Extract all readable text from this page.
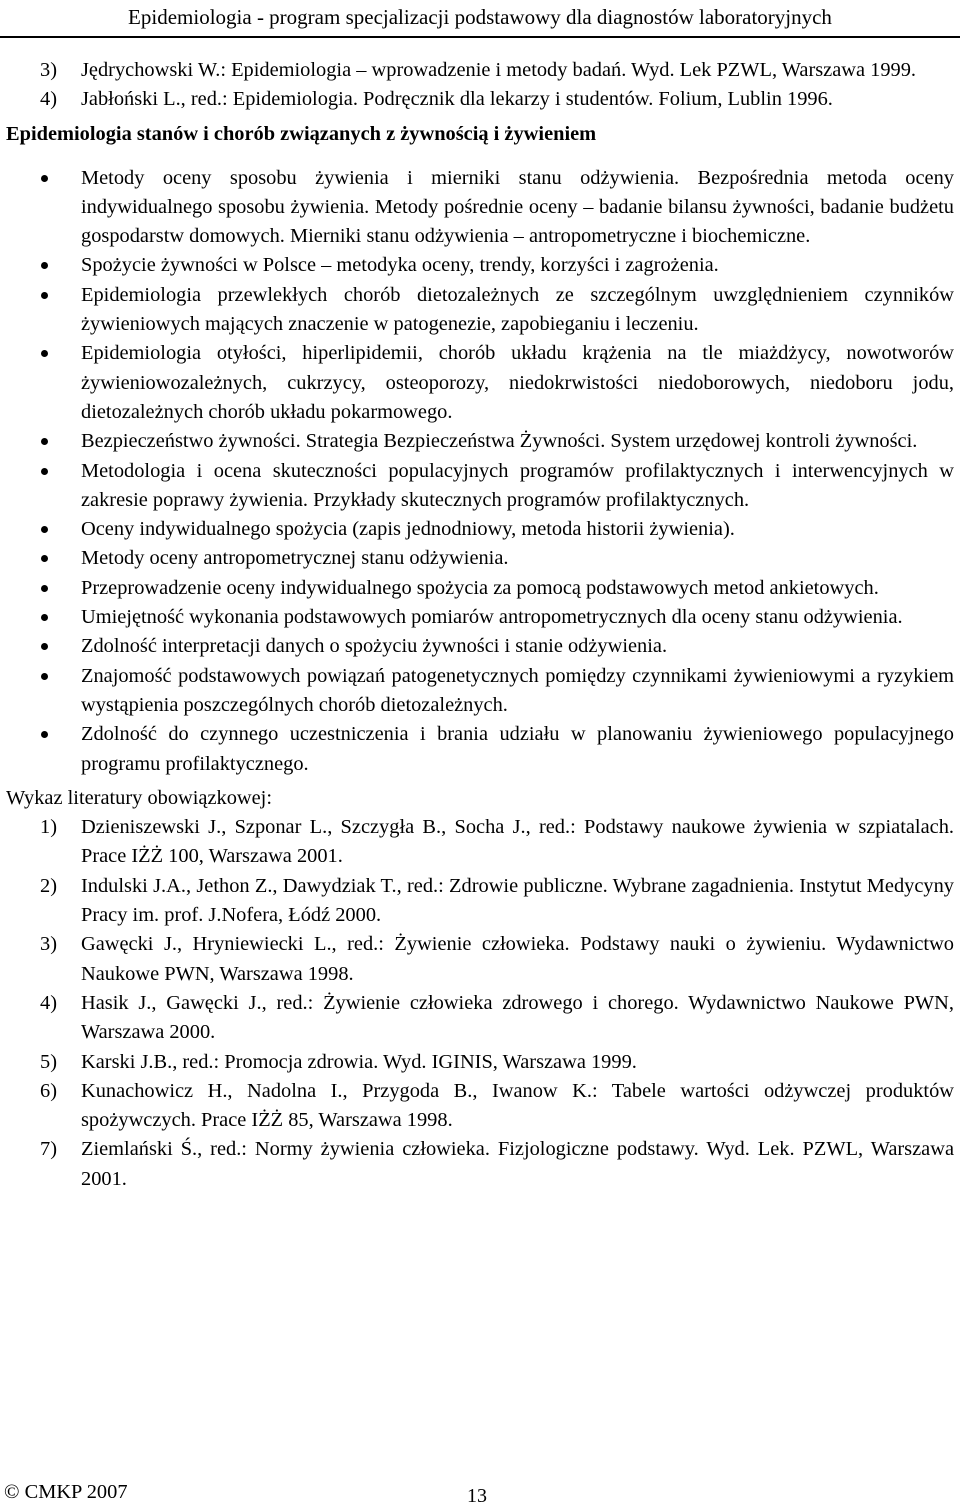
Epidemiologia - program specjalizacji podstawowy dla diagnostów laboratoryjnych
3) Jędrychowski W.: Epidemiologia – wprowadzenie i metody badań. Wyd. Lek PZWL, Warszawa 1999.

4) Jabłoński L., red.: Epidemiologia. Podręcznik dla lekarzy i studentów. Folium, Lublin 1996.

Epidemiologia stanów i chorób związanych z żywnością i żywieniem

Metody oceny sposobu żywienia i mierniki stanu odżywienia. Bezpośrednia metoda oceny indywidualnego sposobu żywienia. Metody pośrednie oceny – badanie bilansu żywności, badanie budżetu gospodarstw domowych. Mierniki stanu odżywienia – antropometryczne i biochemiczne.

Spożycie żywności w Polsce – metodyka oceny, trendy, korzyści i zagrożenia.

Epidemiologia przewlekłych chorób dietozależnych ze szczególnym uwzględnieniem czynników żywieniowych mających znaczenie w patogenezie, zapobieganiu i leczeniu.

Epidemiologia otyłości, hiperlipidemii, chorób układu krążenia na tle miażdżycy, nowotworów żywieniowozależnych, cukrzycy, osteoporozy, niedokrwistości niedoborowych, niedoboru jodu, dietozależnych chorób układu pokarmowego.

Bezpieczeństwo żywności. Strategia Bezpieczeństwa Żywności. System urzędowej kontroli żywności.

Metodologia i ocena skuteczności populacyjnych programów profilaktycznych i interwencyjnych w zakresie poprawy żywienia. Przykłady skutecznych programów profilaktycznych.

Oceny indywidualnego spożycia (zapis jednodniowy, metoda historii żywienia).

Metody oceny antropometrycznej stanu odżywienia.

Przeprowadzenie oceny indywidualnego spożycia za pomocą podstawowych metod ankietowych.

Umiejętność wykonania podstawowych pomiarów antropometrycznych dla oceny stanu odżywienia.

Zdolność interpretacji danych o spożyciu żywności i stanie odżywienia.

Znajomość podstawowych powiązań patogenetycznych pomiędzy czynnikami żywieniowymi a ryzykiem wystąpienia poszczególnych chorób dietozależnych.

Zdolność do czynnego uczestniczenia i brania udziału w planowaniu żywieniowego populacyjnego programu profilaktycznego.

Wykaz literatury obowiązkowej:
1) Dzieniszewski J., Szponar L., Szczygła B., Socha J., red.: Podstawy naukowe żywienia w szpiatalach. Prace IŻŻ 100, Warszawa 2001.

2) Indulski J.A., Jethon Z., Dawydziak T., red.: Zdrowie publiczne. Wybrane zagadnienia. Instytut Medycyny Pracy im. prof. J.Nofera, Łódź 2000.

3) Gawęcki J., Hryniewiecki L., red.: Żywienie człowieka. Podstawy nauki o żywieniu. Wydawnictwo Naukowe PWN, Warszawa 1998.

4) Hasik J., Gawęcki J., red.: Żywienie człowieka zdrowego i chorego. Wydawnictwo Naukowe PWN, Warszawa 2000.

5) Karski J.B., red.: Promocja zdrowia. Wyd. IGINIS, Warszawa 1999.

6) Kunachowicz H., Nadolna I., Przygoda B., Iwanow K.: Tabele wartości odżywczej produktów spożywczych. Prace IŻŻ 85, Warszawa 1998.

7) Ziemlański Ś., red.: Normy żywienia człowieka. Fizjologiczne podstawy. Wyd. Lek. PZWL, Warszawa 2001.

© CMKP 2007	13
